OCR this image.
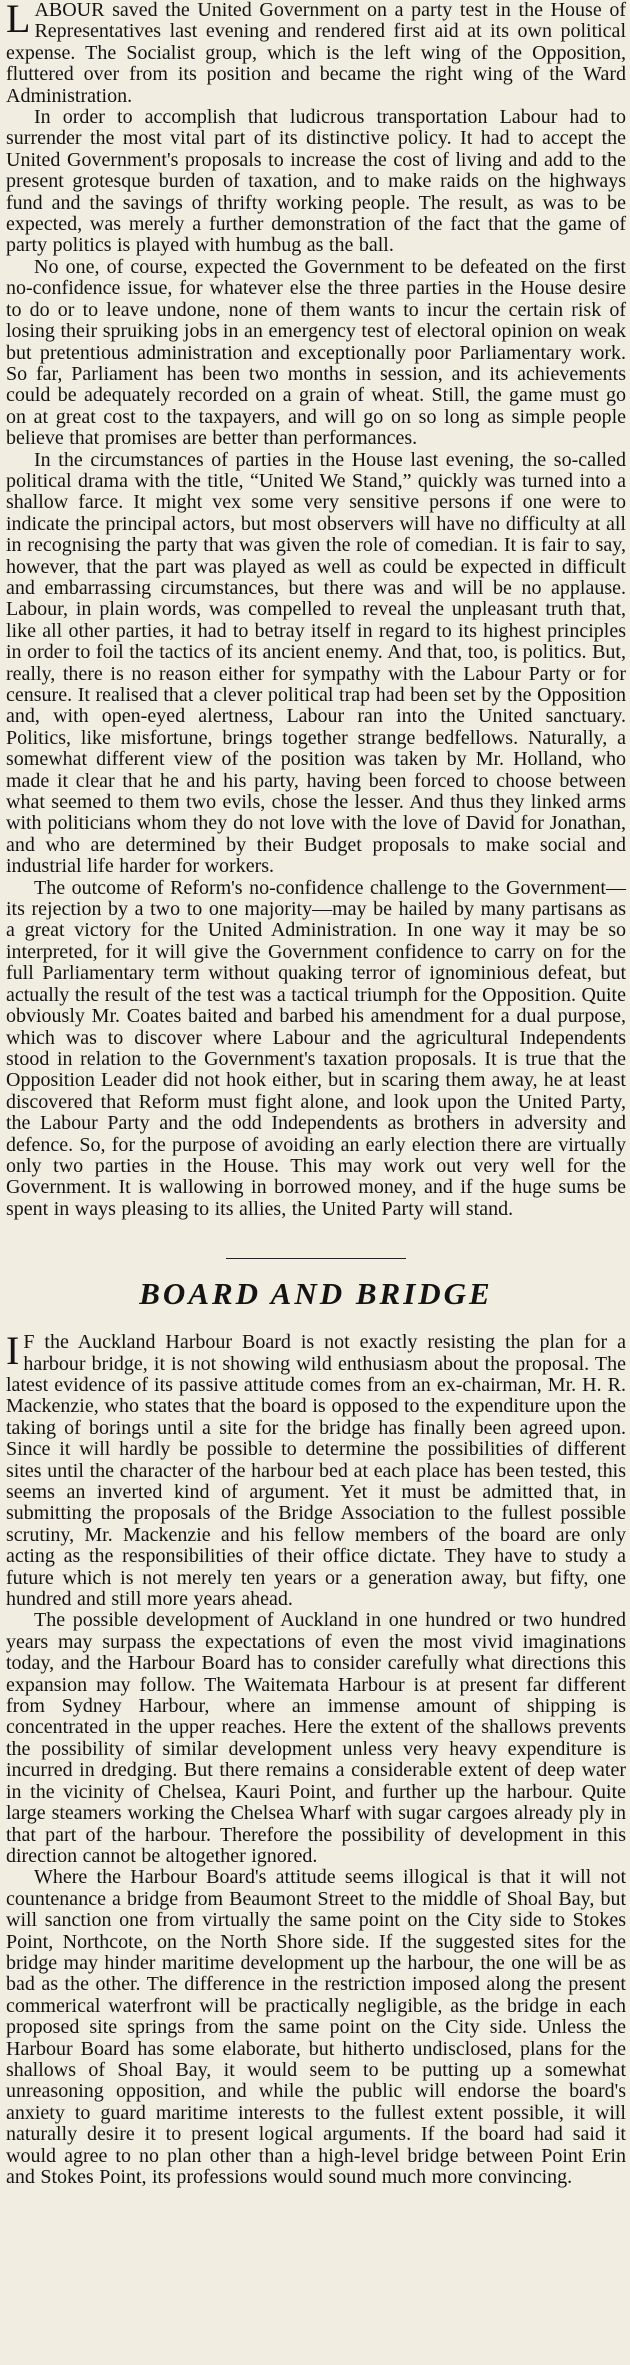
LABOUR saved the United Government on a party test in the House of Representatives last evening and rendered first aid at its own political expense. The Socialist group, which is the left wing of the Opposition, fluttered over from its position and became the right wing of the Ward Administration.

In order to accomplish that ludicrous transportation Labour had to surrender the most vital part of its distinctive policy. It had to accept the United Government's proposals to increase the cost of living and add to the present grotesque burden of taxation, and to make raids on the highways fund and the savings of thrifty working people. The result, as was to be expected, was merely a further demonstration of the fact that the game of party politics is played with humbug as the ball.

No one, of course, expected the Government to be defeated on the first no-confidence issue, for whatever else the three parties in the House desire to do or to leave undone, none of them wants to incur the certain risk of losing their spruiking jobs in an emergency test of electoral opinion on weak but pretentious administration and exceptionally poor Parliamentary work. So far, Parliament has been two months in session, and its achievements could be adequately recorded on a grain of wheat. Still, the game must go on at great cost to the taxpayers, and will go on so long as simple people believe that promises are better than performances.

In the circumstances of parties in the House last evening, the so-called political drama with the title, “United We Stand,” quickly was turned into a shallow farce. It might vex some very sensitive persons if one were to indicate the principal actors, but most observers will have no difficulty at all in recognising the party that was given the role of comedian. It is fair to say, however, that the part was played as well as could be expected in difficult and embarrassing circumstances, but there was and will be no applause. Labour, in plain words, was compelled to reveal the unpleasant truth that, like all other parties, it had to betray itself in regard to its highest principles in order to foil the tactics of its ancient enemy. And that, too, is politics. But, really, there is no reason either for sympathy with the Labour Party or for censure. It realised that a clever political trap had been set by the Opposition and, with open-eyed alertness, Labour ran into the United sanctuary. Politics, like misfortune, brings together strange bedfellows. Naturally, a somewhat different view of the position was taken by Mr. Holland, who made it clear that he and his party, having been forced to choose between what seemed to them two evils, chose the lesser. And thus they linked arms with politicians whom they do not love with the love of David for Jonathan, and who are determined by their Budget proposals to make social and industrial life harder for workers.

The outcome of Reform's no-confidence challenge to the Government—its rejection by a two to one majority—may be hailed by many partisans as a great victory for the United Administration. In one way it may be so interpreted, for it will give the Government confidence to carry on for the full Parliamentary term without quaking terror of ignominious defeat, but actually the result of the test was a tactical triumph for the Opposition. Quite obviously Mr. Coates baited and barbed his amendment for a dual purpose, which was to discover where Labour and the agricultural Independents stood in relation to the Government's taxation proposals. It is true that the Opposition Leader did not hook either, but in scaring them away, he at least discovered that Reform must fight alone, and look upon the United Party, the Labour Party and the odd Independents as brothers in adversity and defence. So, for the purpose of avoiding an early election there are virtually only two parties in the House. This may work out very well for the Government. It is wallowing in borrowed money, and if the huge sums be spent in ways pleasing to its allies, the United Party will stand.

BOARD AND BRIDGE

I F the Auckland Harbour Board is not exactly resisting the plan for a harbour bridge, it is not showing wild enthusiasm about the proposal. The latest evidence of its passive attitude comes from an ex-chairman, Mr. H. R. Mackenzie, who states that the board is opposed to the expenditure upon the taking of borings until a site for the bridge has finally been agreed upon. Since it will hardly be possible to determine the possibilities of different sites until the character of the harbour bed at each place has been tested, this seems an inverted kind of argument. Yet it must be admitted that, in submitting the proposals of the Bridge Association to the fullest possible scrutiny, Mr. Mackenzie and his fellow members of the board are only acting as the responsibilities of their office dictate. They have to study a future which is not merely ten years or a generation away, but fifty, one hundred and still more years ahead.

The possible development of Auckland in one hundred or two hundred years may surpass the expectations of even the most vivid imaginations today, and the Harbour Board has to consider carefully what directions this expansion may follow. The Waitemata Harbour is at present far different from Sydney Harbour, where an immense amount of shipping is concentrated in the upper reaches. Here the extent of the shallows prevents the possibility of similar development unless very heavy expenditure is incurred in dredging. But there remains a considerable extent of deep water in the vicinity of Chelsea, Kauri Point, and further up the harbour. Quite large steamers working the Chelsea Wharf with sugar cargoes already ply in that part of the harbour. Therefore the possibility of development in this direction cannot be altogether ignored.

Where the Harbour Board's attitude seems illogical is that it will not countenance a bridge from Beaumont Street to the middle of Shoal Bay, but will sanction one from virtually the same point on the City side to Stokes Point, Northcote, on the North Shore side. If the suggested sites for the bridge may hinder maritime development up the harbour, the one will be as bad as the other. The difference in the restriction imposed along the present commerical waterfront will be practically negligible, as the bridge in each proposed site springs from the same point on the City side. Unless the Harbour Board has some elaborate, but hitherto undisclosed, plans for the shallows of Shoal Bay, it would seem to be putting up a somewhat unreasoning opposition, and while the public will endorse the board's anxiety to guard maritime interests to the fullest extent possible, it will naturally desire it to present logical arguments. If the board had said it would agree to no plan other than a high-level bridge between Point Erin and Stokes Point, its professions would sound much more convincing.
